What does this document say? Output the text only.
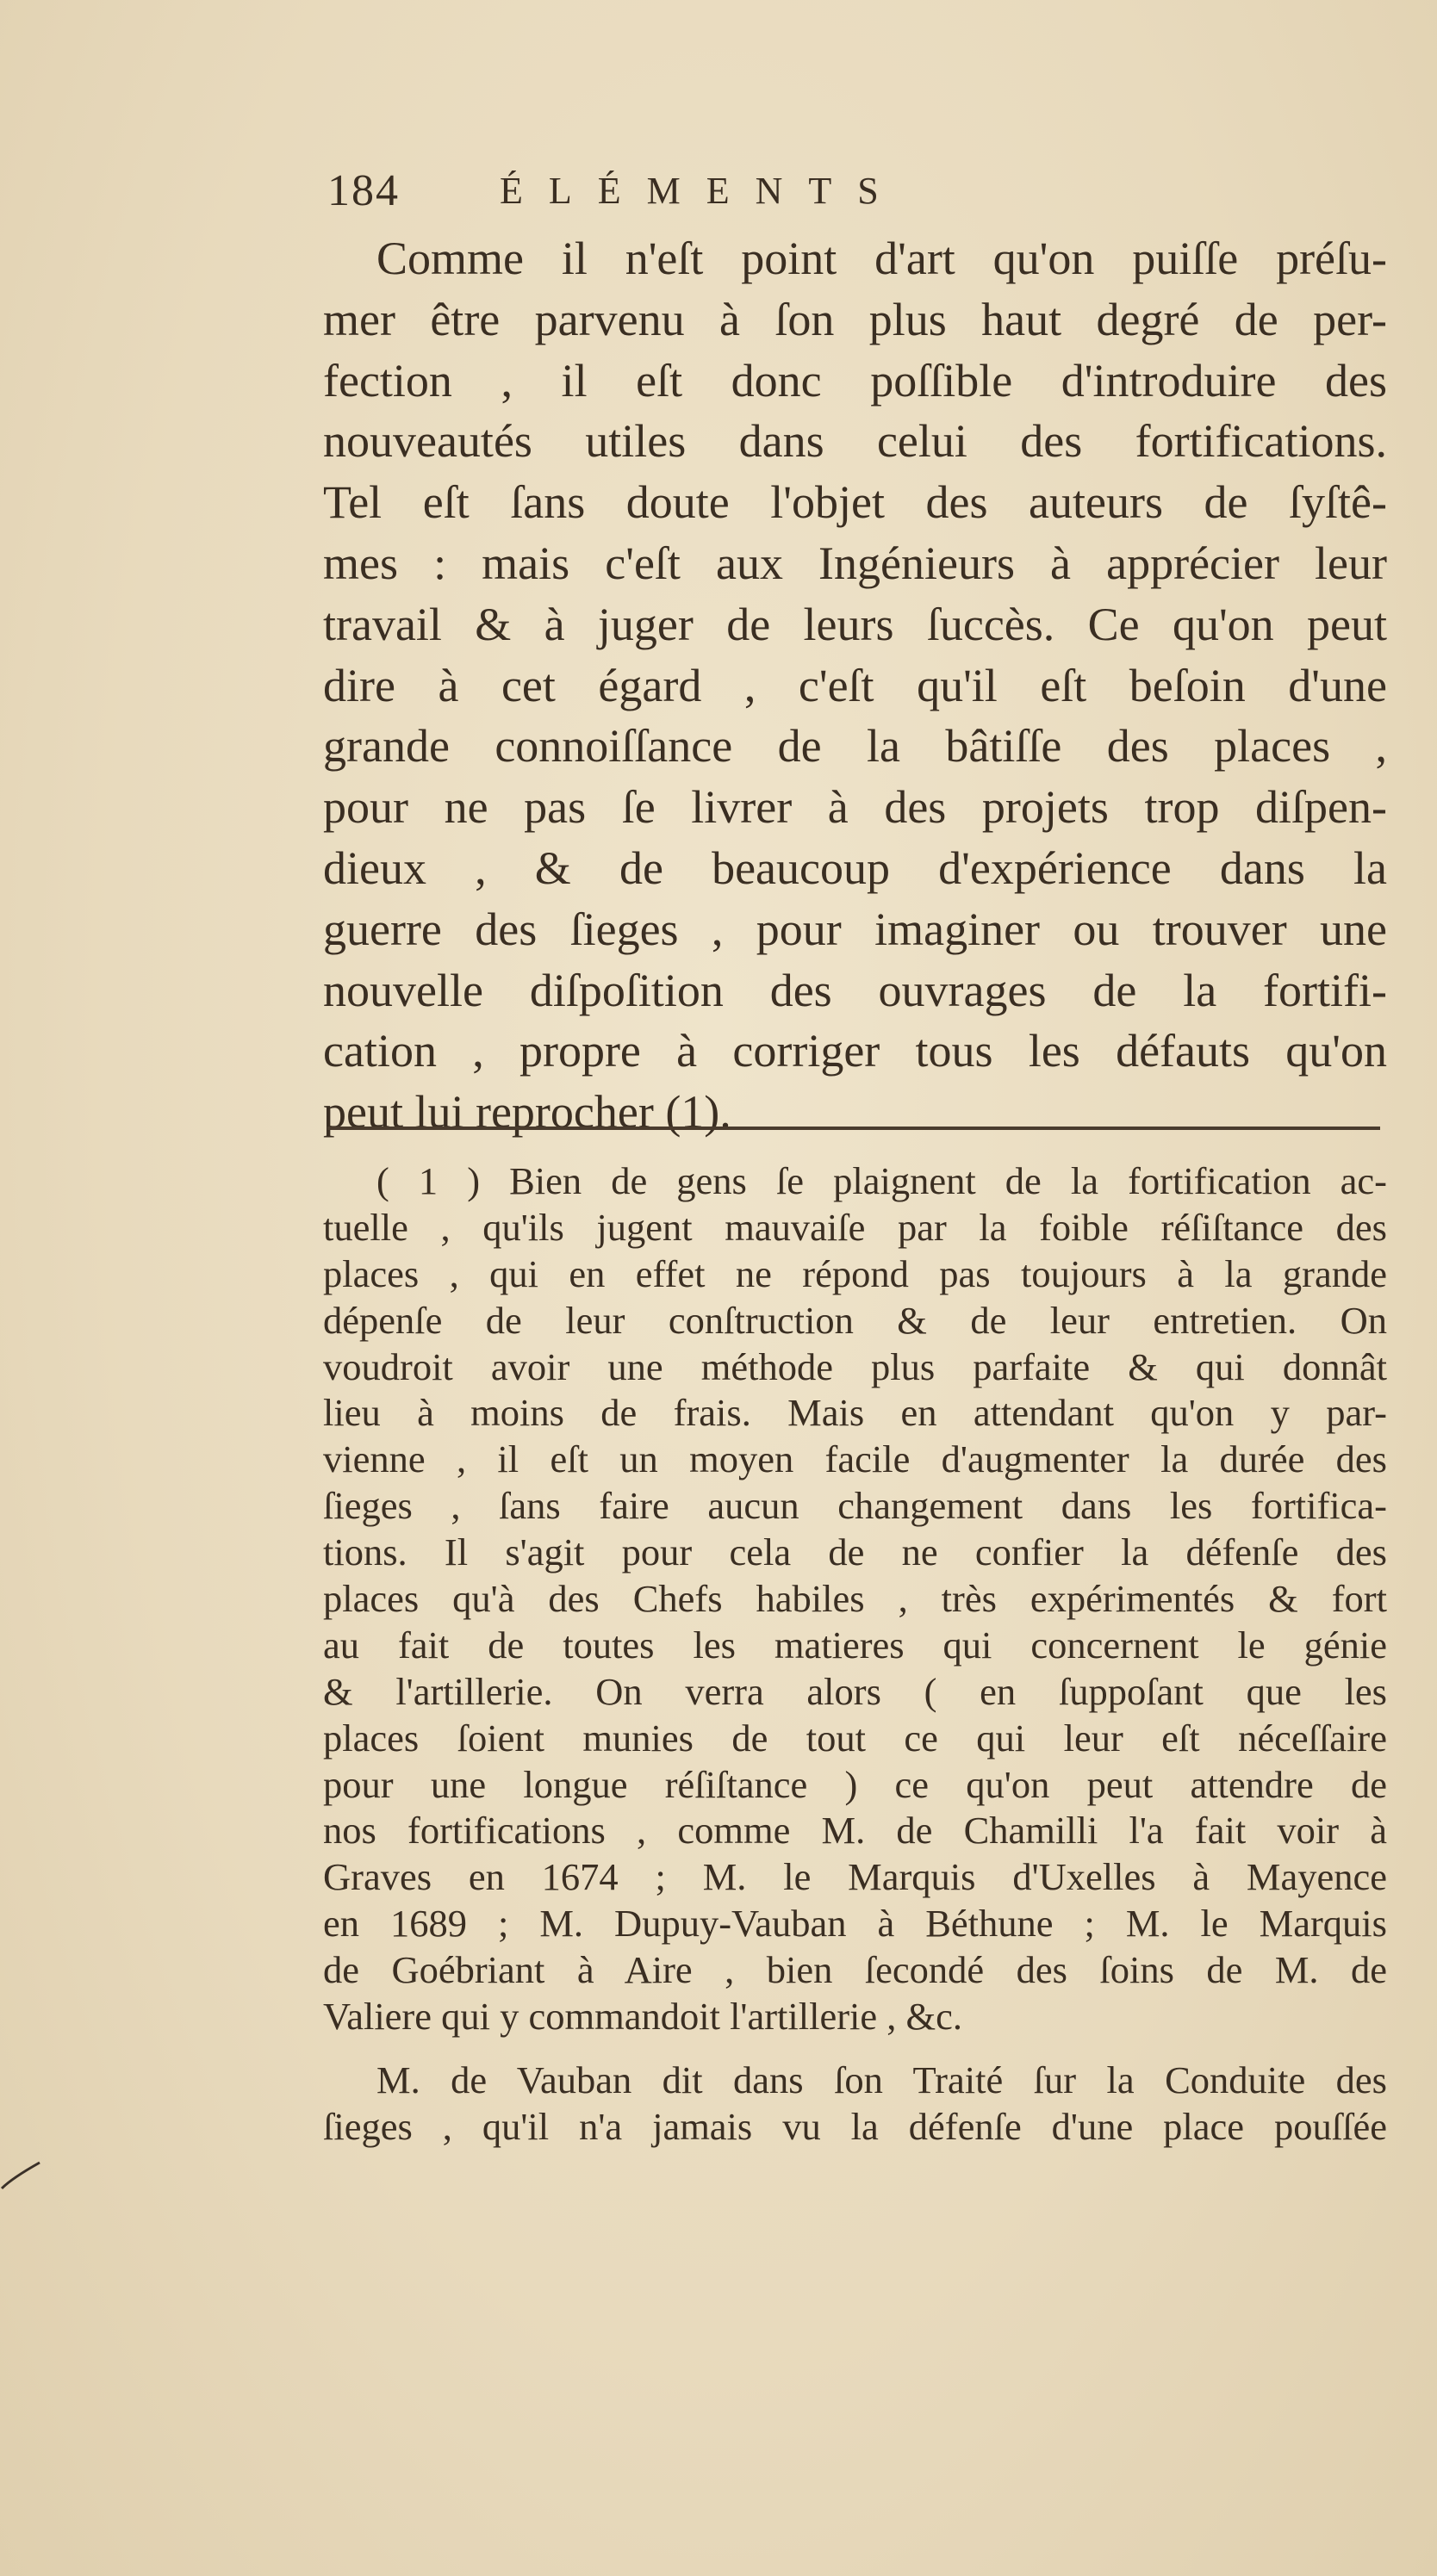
184	ÉLÉMENTS
Comme il n'eſt point d'art qu'on puiſſe préſu-
mer être parvenu à ſon plus haut degré de per-
fection , il eſt donc poſſible d'introduire des
nouveautés utiles dans celui des fortifications.
Tel eſt ſans doute l'objet des auteurs de ſyſtê-
mes : mais c'eſt aux Ingénieurs à apprécier leur
travail & à juger de leurs ſuccès. Ce qu'on peut
dire à cet égard , c'eſt qu'il eſt beſoin d'une
grande connoiſſance de la bâtiſſe des places ,
pour ne pas ſe livrer à des projets trop diſpen-
dieux , & de beaucoup d'expérience dans la
guerre des ſieges , pour imaginer ou trouver une
nouvelle diſpoſition des ouvrages de la fortifi-
cation , propre à corriger tous les défauts qu'on
peut lui reprocher (1).
( 1 ) Bien de gens ſe plaignent de la fortification ac-
tuelle , qu'ils jugent mauvaiſe par la foible réſiſtance des
places , qui en effet ne répond pas toujours à la grande
dépenſe de leur conſtruction & de leur entretien. On
voudroit avoir une méthode plus parfaite & qui donnât
lieu à moins de frais. Mais en attendant qu'on y par-
vienne , il eſt un moyen facile d'augmenter la durée des
ſieges , ſans faire aucun changement dans les fortifica-
tions. Il s'agit pour cela de ne confier la défenſe des
places qu'à des Chefs habiles , très expérimentés & fort
au fait de toutes les matieres qui concernent le génie
& l'artillerie. On verra alors ( en ſuppoſant que les
places ſoient munies de tout ce qui leur eſt néceſſaire
pour une longue réſiſtance ) ce qu'on peut attendre de
nos fortifications , comme M. de Chamilli l'a fait voir à
Graves en 1674 ; M. le Marquis d'Uxelles à Mayence
en 1689 ; M. Dupuy-Vauban à Béthune ; M. le Marquis
de Goébriant à Aire , bien ſecondé des ſoins de M. de
Valiere qui y commandoit l'artillerie , &c.
M. de Vauban dit dans ſon Traité ſur la Conduite des
ſieges , qu'il n'a jamais vu la défenſe d'une place pouſſée
